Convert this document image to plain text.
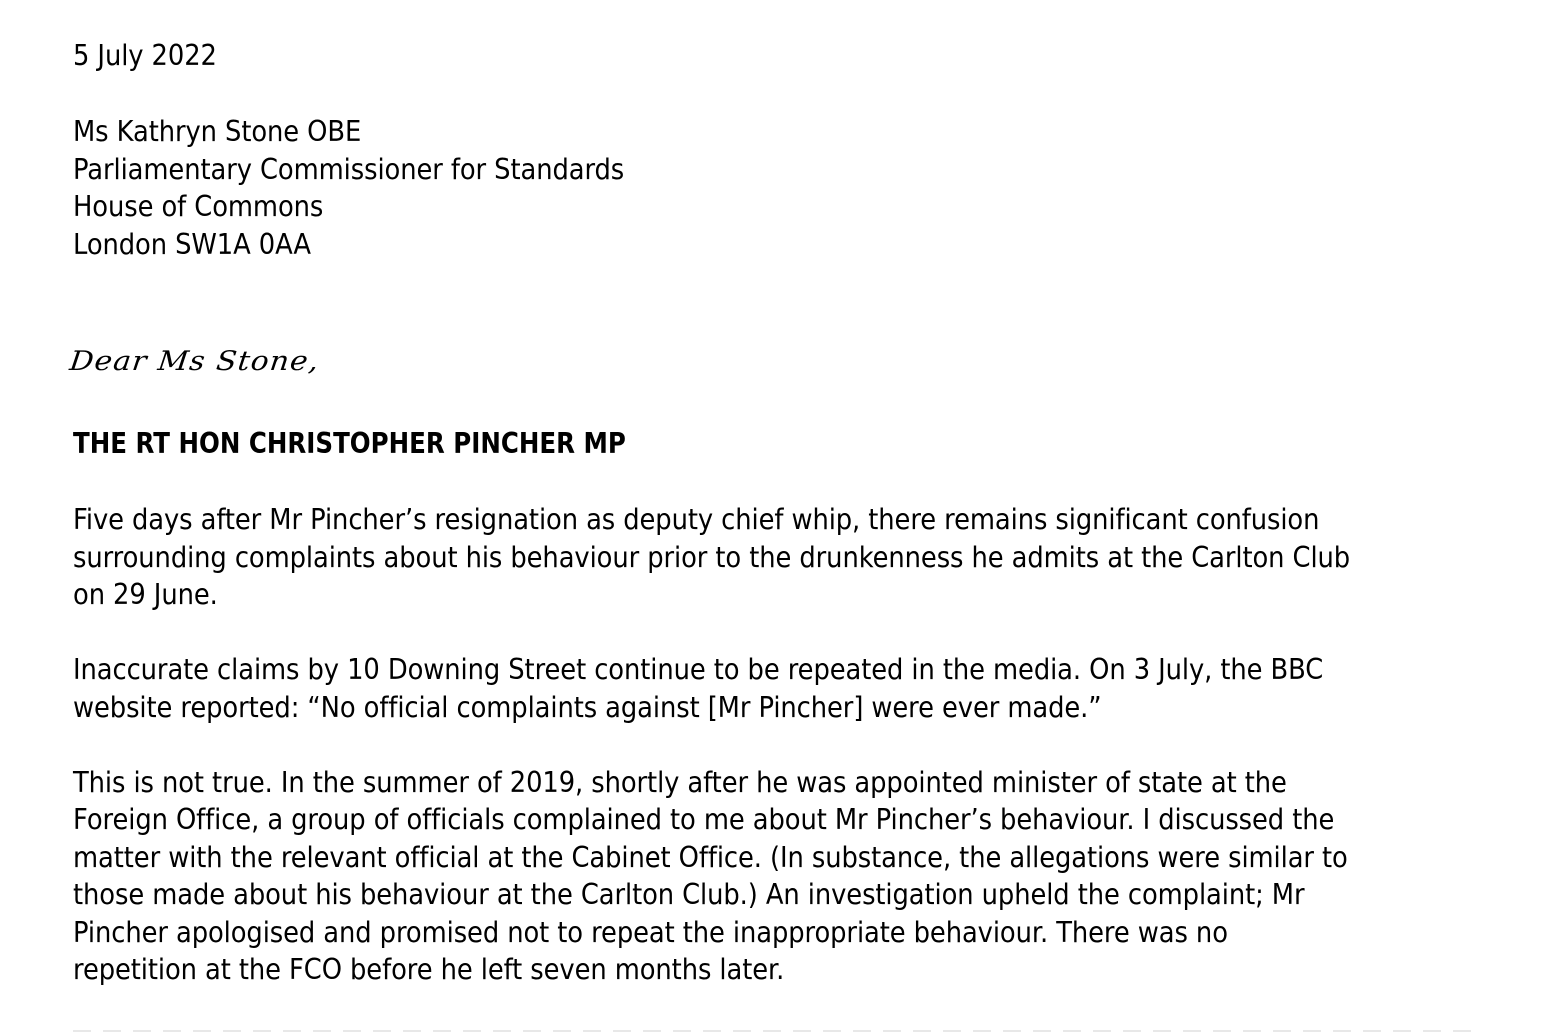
5 July 2022
Ms Kathryn Stone OBE
Parliamentary Commissioner for Standards
House of Commons
London SW1A 0AA
Dear Ms Stone,
THE RT HON CHRISTOPHER PINCHER MP
Five days after Mr Pincher’s resignation as deputy chief whip, there remains significant confusion
surrounding complaints about his behaviour prior to the drunkenness he admits at the Carlton Club
on 29 June.
Inaccurate claims by 10 Downing Street continue to be repeated in the media. On 3 July, the BBC
website reported: “No official complaints against [Mr Pincher] were ever made.”
This is not true. In the summer of 2019, shortly after he was appointed minister of state at the
Foreign Office, a group of officials complained to me about Mr Pincher’s behaviour. I discussed the
matter with the relevant official at the Cabinet Office. (In substance, the allegations were similar to
those made about his behaviour at the Carlton Club.) An investigation upheld the complaint; Mr
Pincher apologised and promised not to repeat the inappropriate behaviour. There was no
repetition at the FCO before he left seven months later.
